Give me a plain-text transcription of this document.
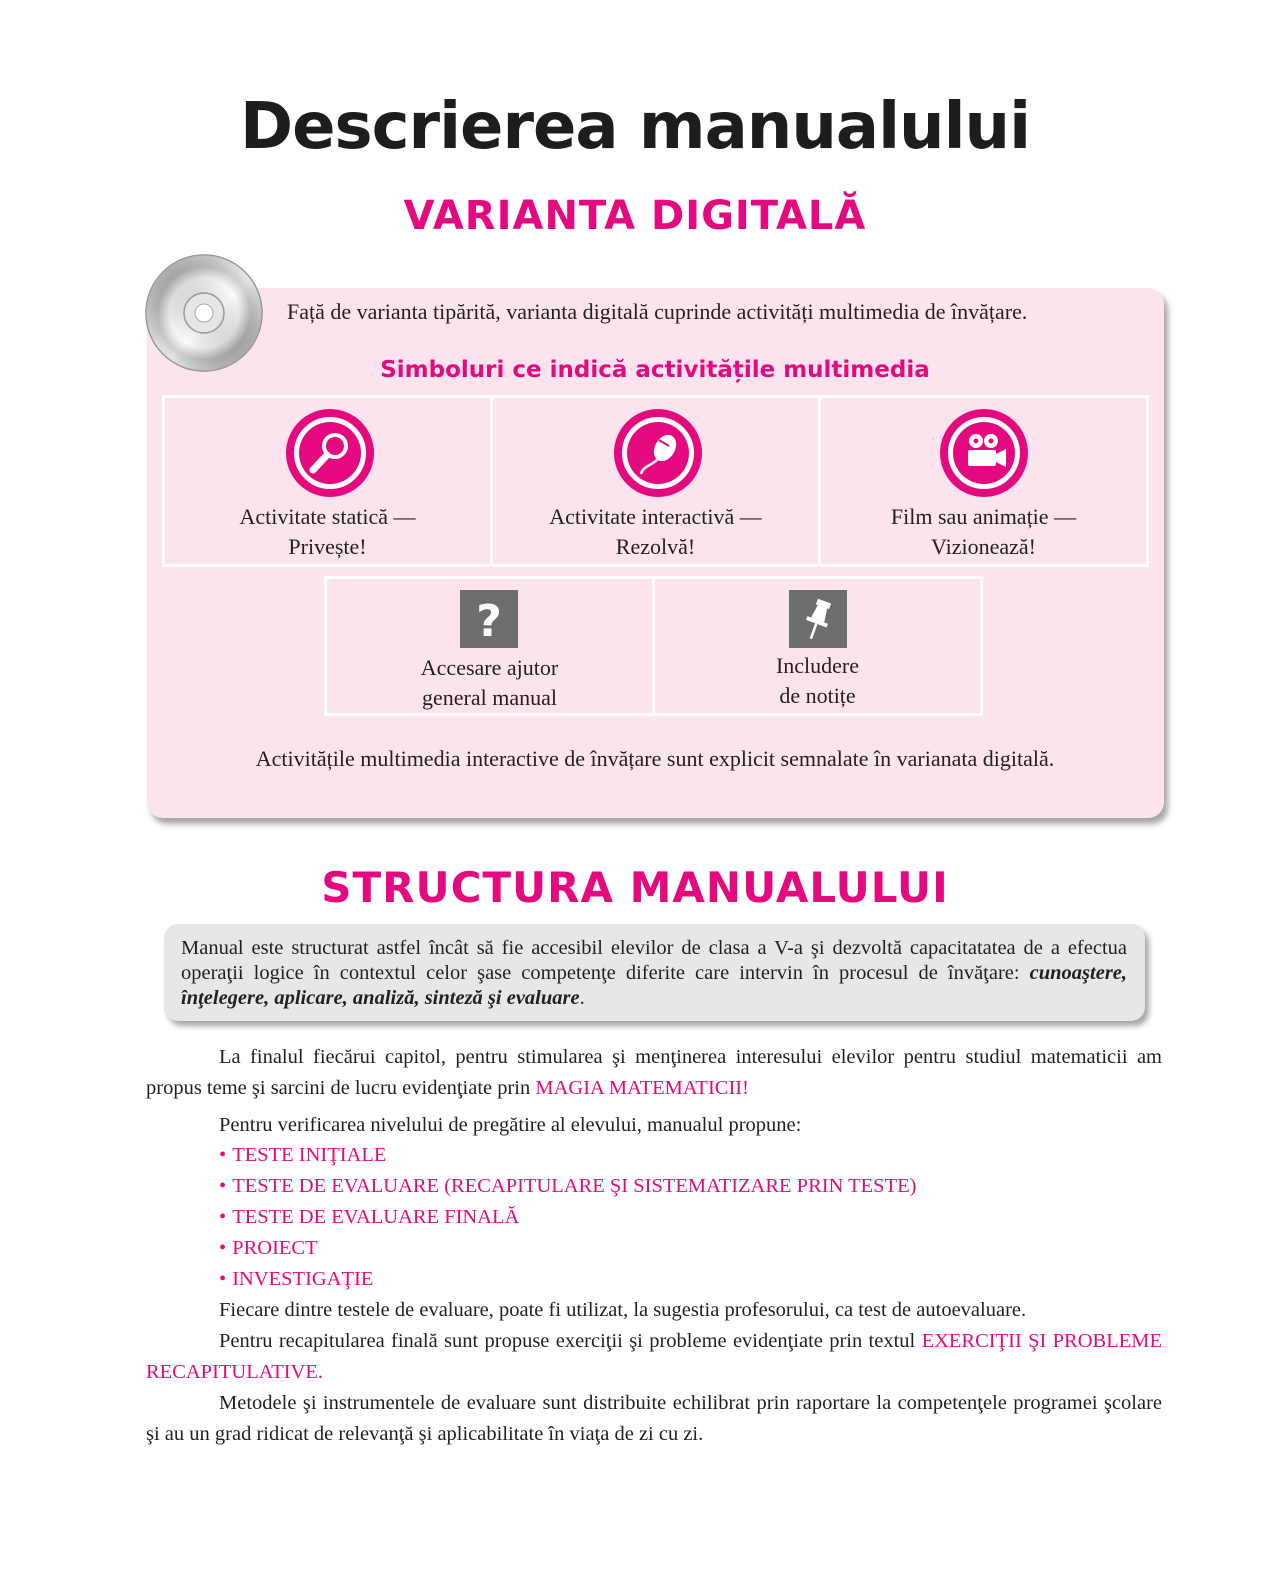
Descrierea manualului
VARIANTA DIGITALĂ
Față de varianta tipărită, varianta digitală cuprinde activități multimedia de învățare.
Simboluri ce indică activitățile multimedia
Activitate statică —
Privește!
Activitate interactivă —
Rezolvă!
Film sau animație —
Vizionează!
?
Accesare ajutor
general manual
Includere
de notițe
Activitățile multimedia interactive de învățare sunt explicit semnalate în varianata digitală.
STRUCTURA MANUALULUI
Manual este structurat astfel încât să fie accesibil elevilor de clasa a V-a şi dezvoltă capacitatatea de a efectua operaţii logice în contextul celor şase competenţe diferite care intervin în procesul de învăţare: cunoaştere, înţelegere, aplicare, analiză, sinteză şi evaluare.

La finalul fiecărui capitol, pentru stimularea şi menţinerea interesului elevilor pentru studiul matematicii am propus teme şi sarcini de lucru evidenţiate prin MAGIA MATEMATICII!

Pentru verificarea nivelului de pregătire al elevului, manualul propune:

• TESTE INIŢIALE
• TESTE DE EVALUARE (RECAPITULARE ŞI SISTEMATIZARE PRIN TESTE)
• TESTE DE EVALUARE FINALĂ
• PROIECT
• INVESTIGAŢIE

Fiecare dintre testele de evaluare, poate fi utilizat, la sugestia profesorului, ca test de autoevaluare.

Pentru recapitularea finală sunt propuse exerciţii şi probleme evidenţiate prin textul EXERCIŢII ŞI PROBLEME RECAPITULATIVE.

Metodele şi instrumentele de evaluare sunt distribuite echilibrat prin raportare la competenţele programei şcolare şi au un grad ridicat de relevanţă şi aplicabilitate în viaţa de zi cu zi.
